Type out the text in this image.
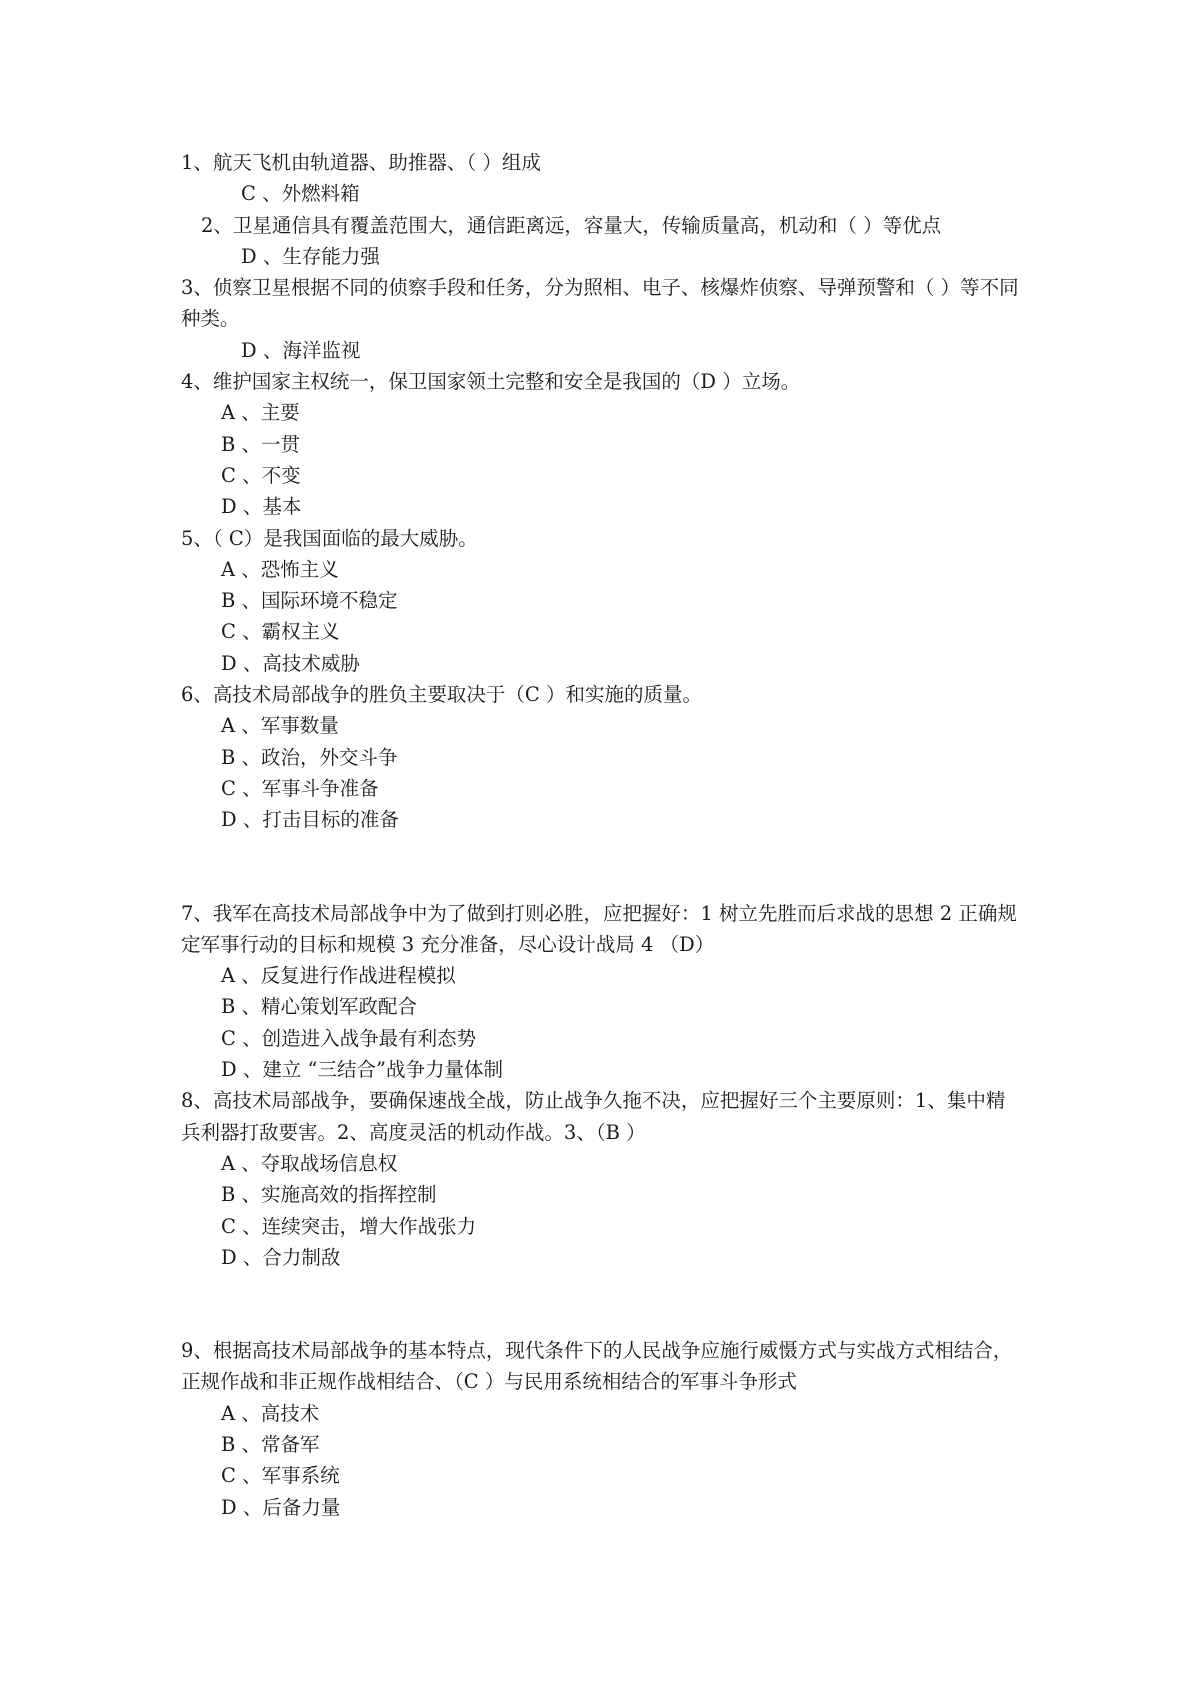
1、航天飞机由轨道器、助推器、（ ）组成
C 、外燃料箱
2、卫星通信具有覆盖范围大，通信距离远，容量大，传输质量高，机动和（ ）等优点
D 、生存能力强
3、侦察卫星根据不同的侦察手段和任务，分为照相、电子、核爆炸侦察、导弹预警和（ ）等不同种类。
D 、海洋监视
4、维护国家主权统一，保卫国家领土完整和安全是我国的（D ）立场。
A 、主要
B 、一贯
C 、不变
D 、基本
5、（ C）是我国面临的最大威胁。
A 、恐怖主义
B 、国际环境不稳定
C 、霸权主义
D 、高技术威胁
6、高技术局部战争的胜负主要取决于（C ）和实施的质量。
A 、军事数量
B 、政治，外交斗争
C 、军事斗争准备
D 、打击目标的准备
7、我军在高技术局部战争中为了做到打则必胜，应把握好：1 树立先胜而后求战的思想 2 正确规定军事行动的目标和规模 3 充分准备，尽心设计战局 4 （D）
A 、反复进行作战进程模拟
B 、精心策划军政配合
C 、创造进入战争最有利态势
D 、建立 “三结合”战争力量体制
8、高技术局部战争，要确保速战全战，防止战争久拖不决，应把握好三个主要原则：1、集中精兵利器打敌要害。2、高度灵活的机动作战。3、（B ）
A 、夺取战场信息权
B 、实施高效的指挥控制
C 、连续突击，增大作战张力
D 、合力制敌
9、根据高技术局部战争的基本特点，现代条件下的人民战争应施行威慑方式与实战方式相结合，正规作战和非正规作战相结合、（C ）与民用系统相结合的军事斗争形式
A 、高技术
B 、常备军
C 、军事系统
D 、后备力量
